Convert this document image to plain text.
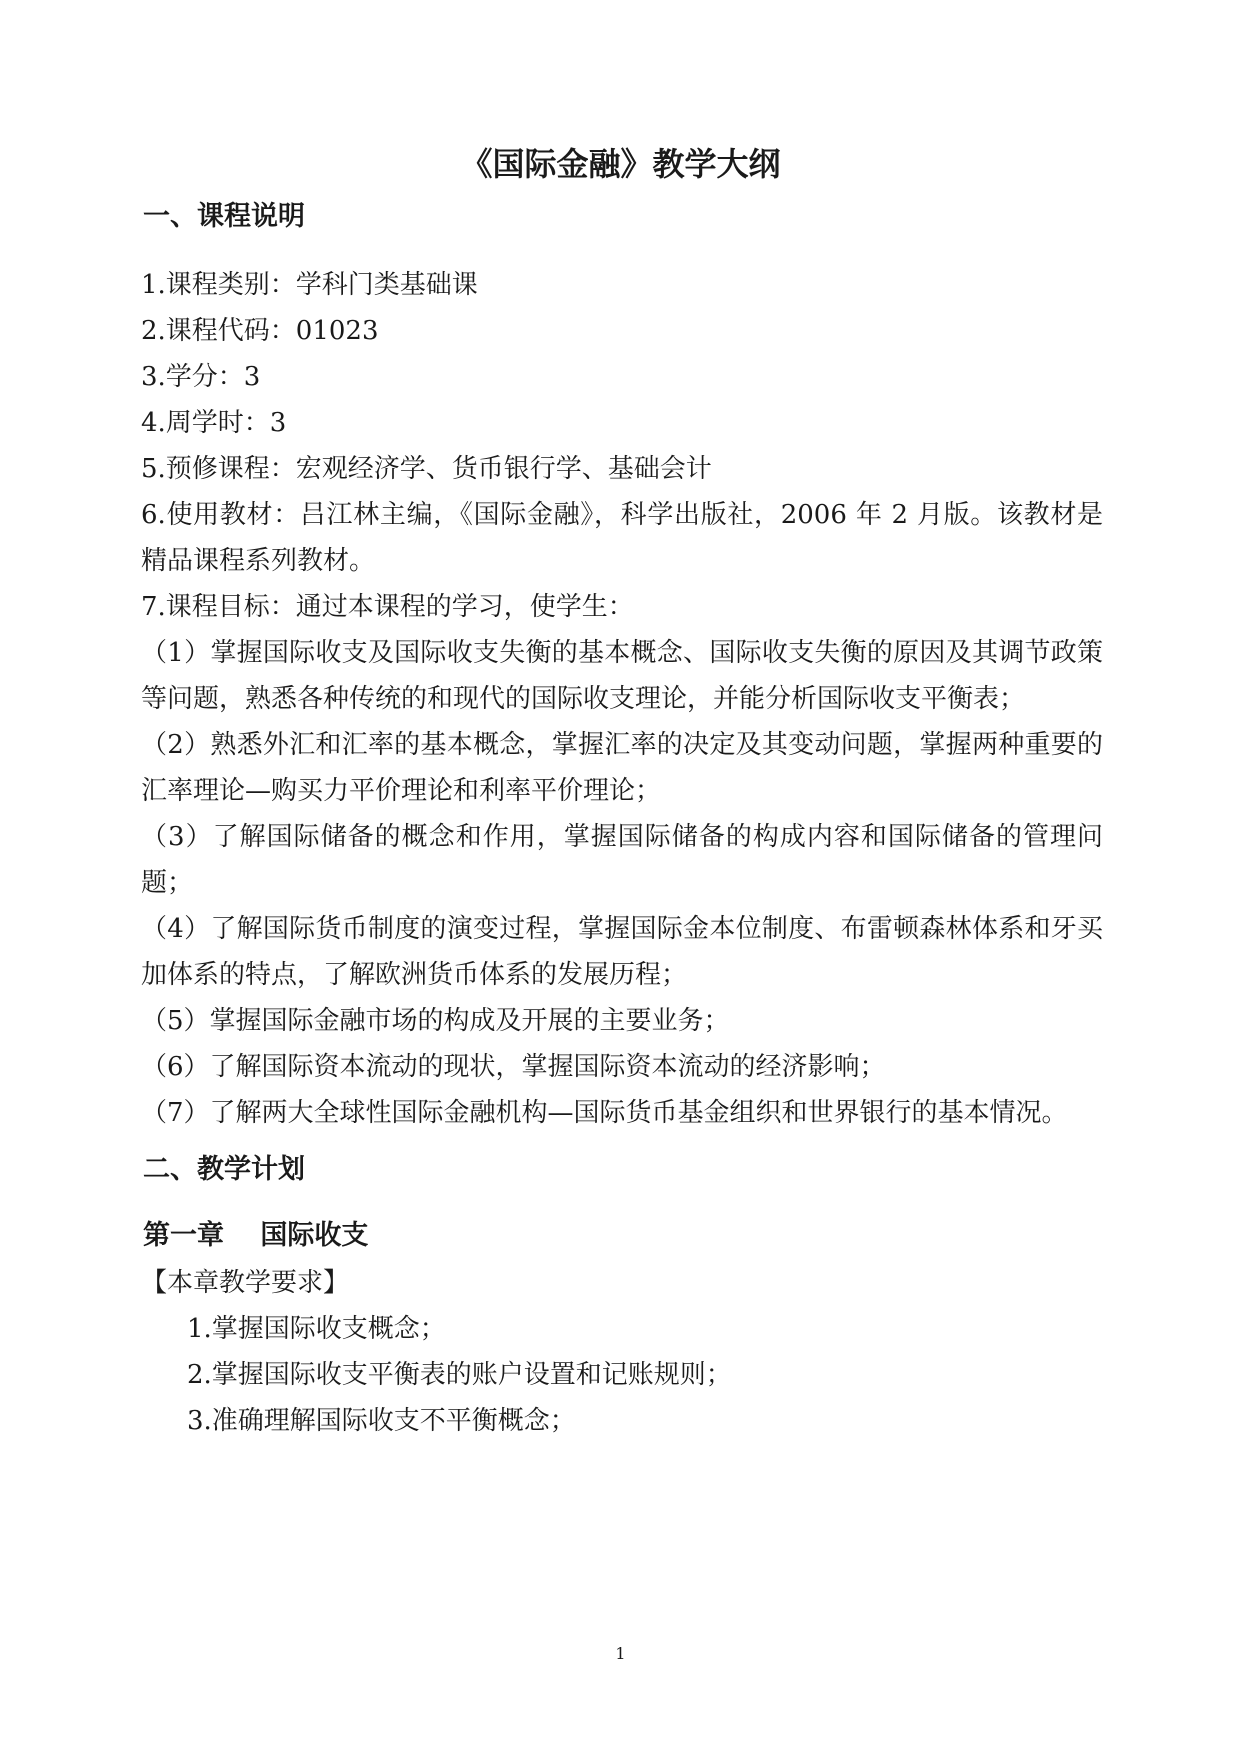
《国际金融》教学大纲
一、课程说明

1.课程类别：学科门类基础课

2.课程代码：01023

3.学分：3

4.周学时：3

5.预修课程：宏观经济学、货币银行学、基础会计

6.使用教材：吕江林主编，《国际金融》，科学出版社，2006 年 2 月版。该教材是精品课程系列教材。

7.课程目标：通过本课程的学习，使学生：

（1）掌握国际收支及国际收支失衡的基本概念、国际收支失衡的原因及其调节政策等问题，熟悉各种传统的和现代的国际收支理论，并能分析国际收支平衡表；

（2）熟悉外汇和汇率的基本概念，掌握汇率的决定及其变动问题，掌握两种重要的汇率理论—购买力平价理论和利率平价理论；

（3）了解国际储备的概念和作用，掌握国际储备的构成内容和国际储备的管理问题；

（4）了解国际货币制度的演变过程，掌握国际金本位制度、布雷顿森林体系和牙买加体系的特点，了解欧洲货币体系的发展历程；

（5）掌握国际金融市场的构成及开展的主要业务；

（6）了解国际资本流动的现状，掌握国际资本流动的经济影响；

（7）了解两大全球性国际金融机构—国际货币基金组织和世界银行的基本情况。

二、教学计划
第一章　 国际收支

【本章教学要求】

1.掌握国际收支概念；

2.掌握国际收支平衡表的账户设置和记账规则；

3.准确理解国际收支不平衡概念；

1
